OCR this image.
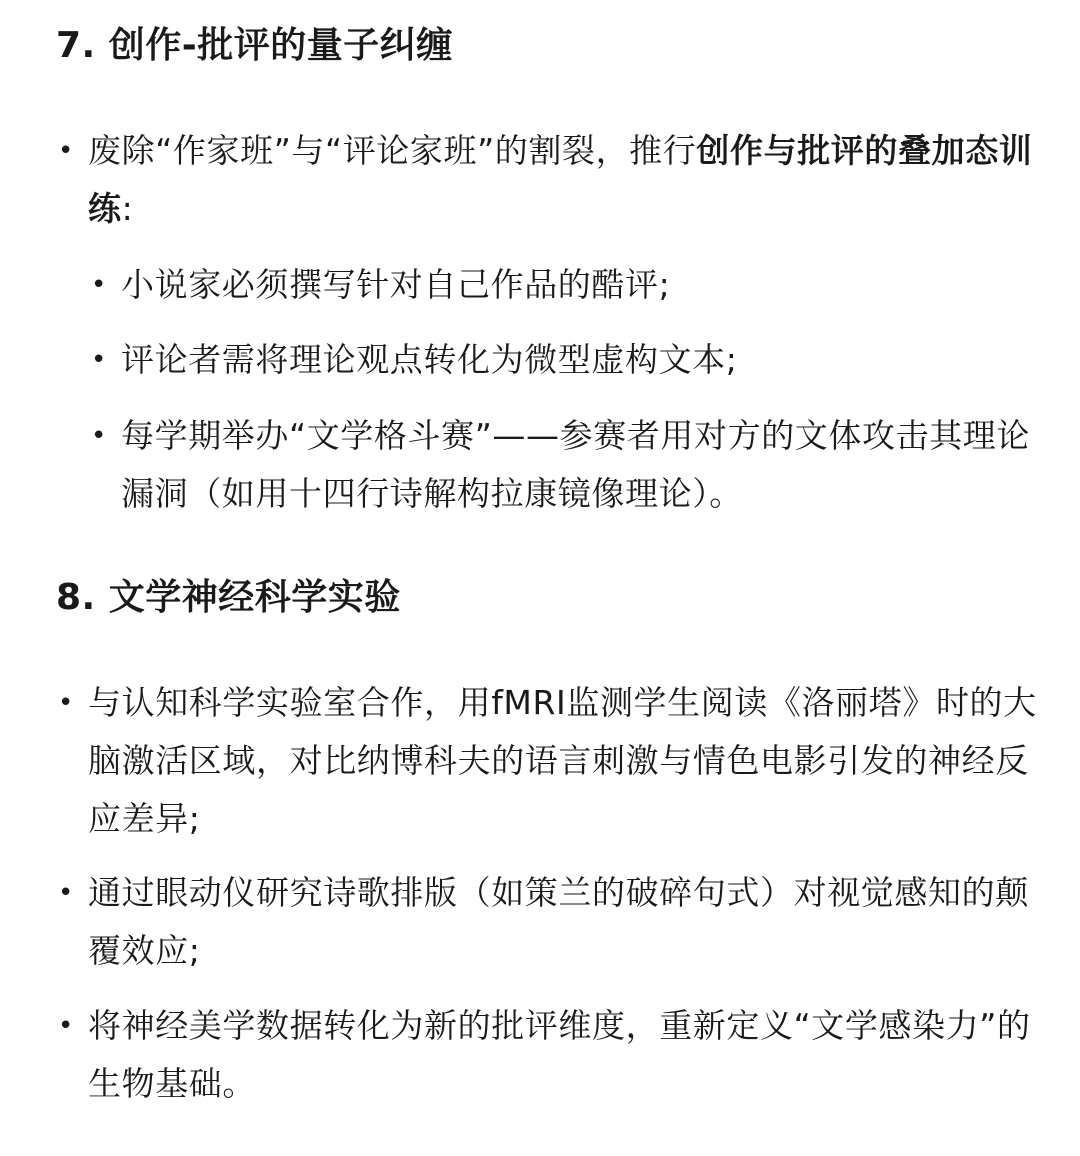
7. 创作-批评的量子纠缠

• 废除“作家班”与“评论家班”的割裂，推行创作与批评的叠加态训练:

• 小说家必须撰写针对自己作品的酷评;

• 评论者需将理论观点转化为微型虚构文本;

• 每学期举办“文学格斗赛”——参赛者用对方的文体攻击其理论漏洞（如用十四行诗解构拉康镜像理论）。

8. 文学神经科学实验

• 与认知科学实验室合作，用fMRI监测学生阅读《洛丽塔》时的大脑激活区域，对比纳博科夫的语言刺激与情色电影引发的神经反应差异;

• 通过眼动仪研究诗歌排版（如策兰的破碎句式）对视觉感知的颠覆效应;

• 将神经美学数据转化为新的批评维度，重新定义“文学感染力”的生物基础。
